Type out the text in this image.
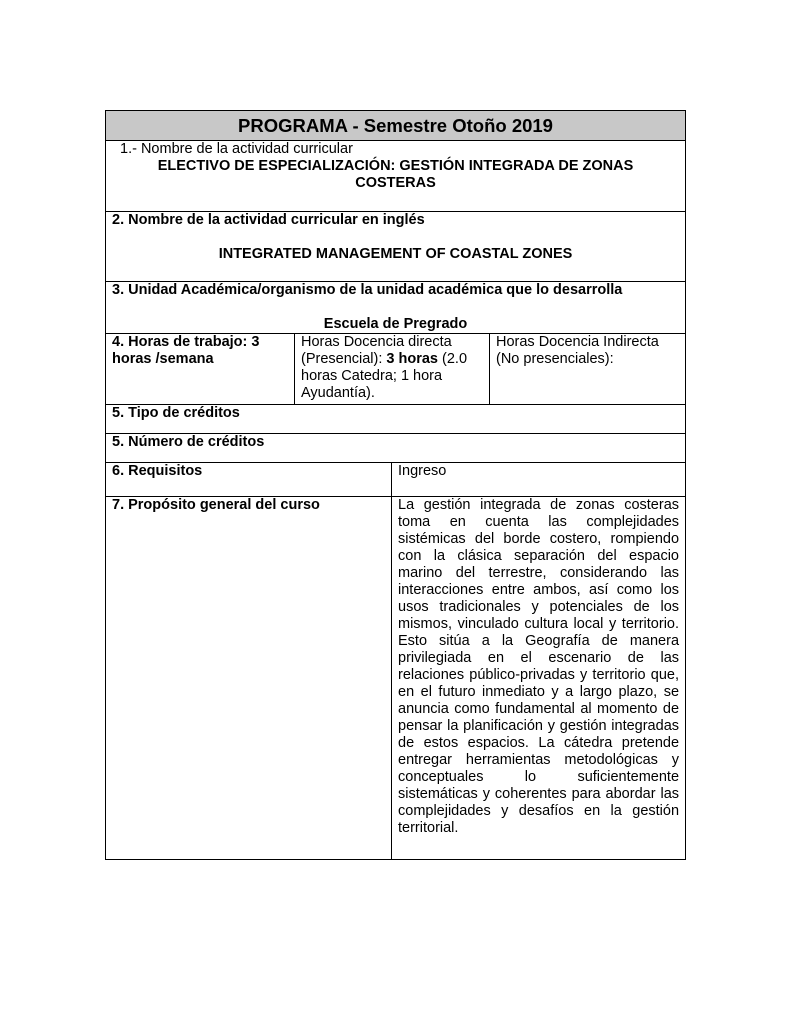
PROGRAMA - Semestre Otoño 2019			

1.- Nombre de la actividad curricular
ELECTIVO DE ESPECIALIZACIÓN: GESTIÓN INTEGRADA DE ZONAS COSTERAS			

2. Nombre de la actividad curricular en inglés
INTEGRATED MANAGEMENT OF COASTAL ZONES			

3. Unidad Académica/organismo de la unidad académica que lo desarrolla
Escuela de Pregrado			

4. Horas de trabajo: 3 horas /semana	Horas Docencia directa (Presencial): 3 horas (2.0 horas Catedra; 1 hora Ayudantía).		Horas Docencia Indirecta (No presenciales):

5. Tipo de créditos			

5. Número de créditos			

6. Requisitos		Ingreso	

7. Propósito general del curso		La gestión integrada de zonas costeras toma en cuenta las complejidades sistémicas del borde costero, rompiendo con la clásica separación del espacio marino del terrestre, considerando las interacciones entre ambos, así como los usos tradicionales y potenciales de los mismos, vinculado cultura local y territorio. Esto sitúa a la Geografía de manera privilegiada en el escenario de las relaciones público-privadas y territorio que, en el futuro inmediato y a largo plazo, se anuncia como fundamental al momento de pensar la planificación y gestión integradas de estos espacios. La cátedra pretende entregar herramientas metodológicas y conceptuales lo suficientemente sistemáticas y coherentes para abordar las complejidades y desafíos en la gestión territorial.	
